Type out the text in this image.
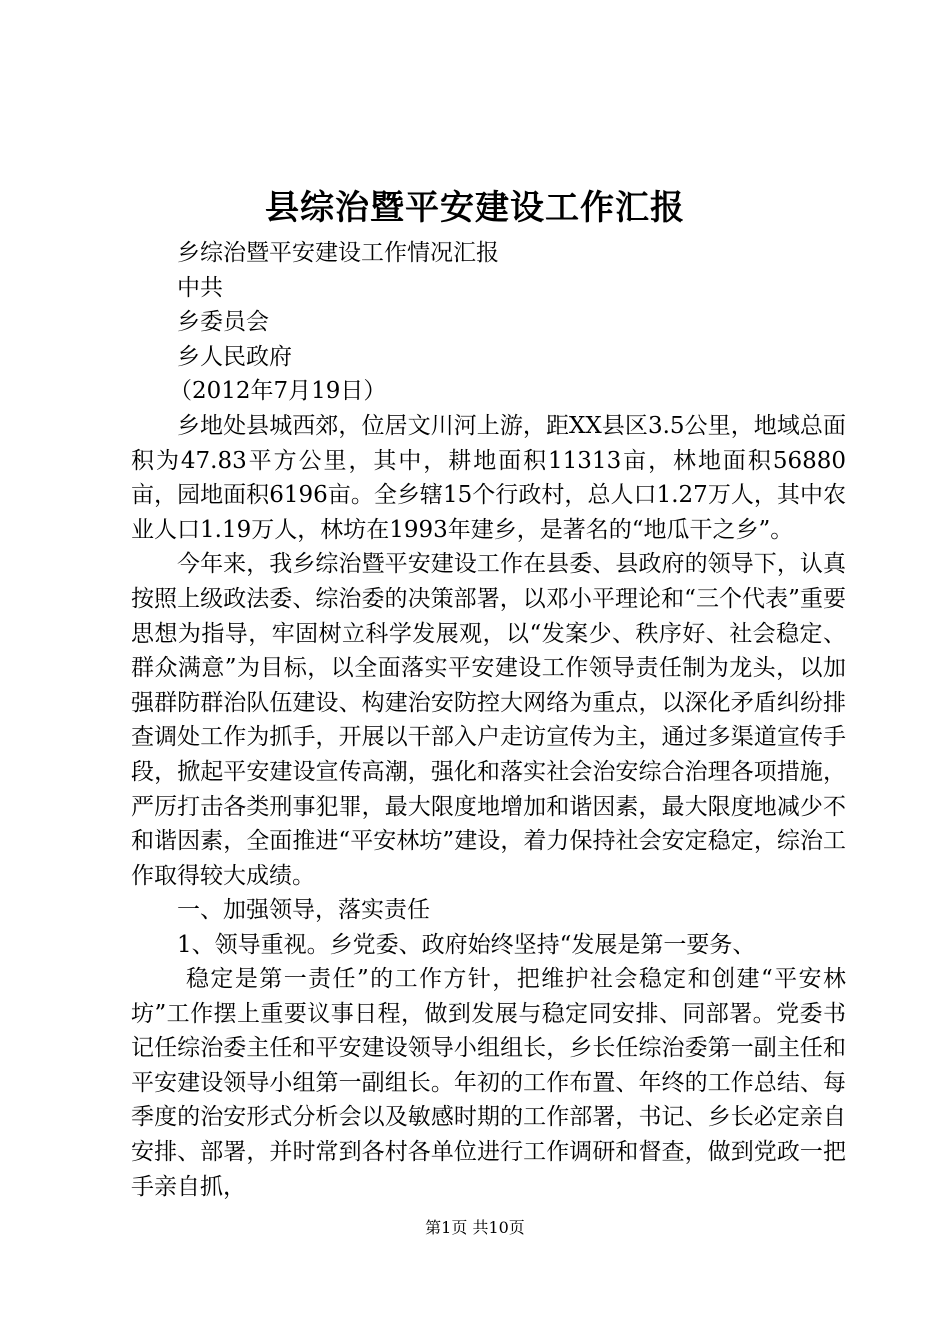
县综治暨平安建设工作汇报

乡综治暨平安建设工作情况汇报

中共

乡委员会

乡人民政府

（2012年7月19日）

乡地处县城西郊，位居文川河上游，距XX县区3.5公里，地域总面积为47.83平方公里，其中，耕地面积11313亩，林地面积56880亩，园地面积6196亩。全乡辖15个行政村，总人口1.27万人，其中农业人口1.19万人，林坊在1993年建乡，是著名的“地瓜干之乡”。

今年来，我乡综治暨平安建设工作在县委、县政府的领导下，认真按照上级政法委、综治委的决策部署，以邓小平理论和“三个代表”重要思想为指导，牢固树立科学发展观，以“发案少、秩序好、社会稳定、群众满意”为目标，以全面落实平安建设工作领导责任制为龙头，以加强群防群治队伍建设、构建治安防控大网络为重点，以深化矛盾纠纷排查调处工作为抓手，开展以干部入户走访宣传为主，通过多渠道宣传手段，掀起平安建设宣传高潮，强化和落实社会治安综合治理各项措施，严厉打击各类刑事犯罪，最大限度地增加和谐因素，最大限度地减少不和谐因素，全面推进“平安林坊”建设，着力保持社会安定稳定，综治工作取得较大成绩。

一、加强领导，落实责任

1、领导重视。乡党委、政府始终坚持“发展是第一要务、

稳定是第一责任”的工作方针，把维护社会稳定和创建“平安林坊”工作摆上重要议事日程，做到发展与稳定同安排、同部署。党委书记任综治委主任和平安建设领导小组组长，乡长任综治委第一副主任和平安建设领导小组第一副组长。年初的工作布置、年终的工作总结、每季度的治安形式分析会以及敏感时期的工作部署，书记、乡长必定亲自安排、部署，并时常到各村各单位进行工作调研和督查，做到党政一把手亲自抓，

第1页 共10页
